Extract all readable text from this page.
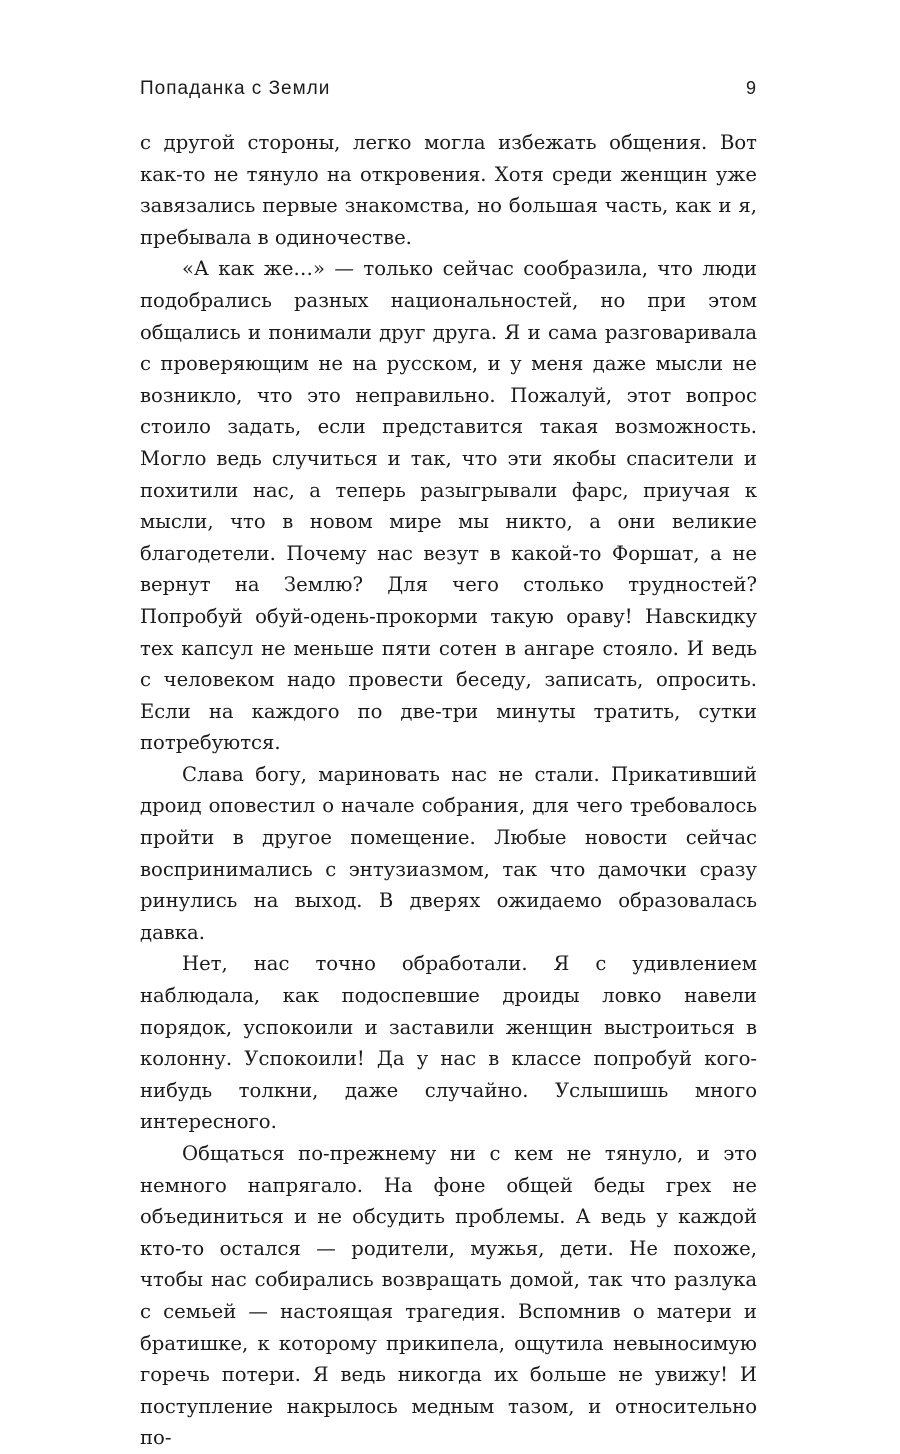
Попаданка с Земли	9

с другой стороны, легко могла избежать общения. Вот как-то не тянуло на откровения. Хотя среди женщин уже завязались первые знакомства, но большая часть, как и я, пребывала в одиночестве.

«А как же…» — только сейчас сообразила, что люди подобрались разных национальностей, но при этом общались и понимали друг друга. Я и сама разговаривала с проверяющим не на русском, и у меня даже мысли не возникло, что это неправильно. Пожалуй, этот вопрос стоило задать, если представится такая возможность. Могло ведь случиться и так, что эти якобы спасители и похитили нас, а теперь разыгрывали фарс, приучая к мысли, что в новом мире мы никто, а они великие благодетели. Почему нас везут в какой-то Форшат, а не вернут на Землю? Для чего столько трудностей? Попробуй обуй-одень-прокорми такую ораву! Навскидку тех капсул не меньше пяти сотен в ангаре стояло. И ведь с человеком надо провести беседу, записать, опросить. Если на каждого по две-три минуты тратить, сутки потребуются.

Слава богу, мариновать нас не стали. Прикативший дроид оповестил о начале собрания, для чего требовалось пройти в другое помещение. Любые новости сейчас воспринимались с энтузиазмом, так что дамочки сразу ринулись на выход. В дверях ожидаемо образовалась давка.

Нет, нас точно обработали. Я с удивлением наблюдала, как подоспевшие дроиды ловко навели порядок, успокоили и заставили женщин выстроиться в колонну. Успокоили! Да у нас в классе попробуй кого-нибудь толкни, даже случайно. Услышишь много интересного.

Общаться по-прежнему ни с кем не тянуло, и это немного напрягало. На фоне общей беды грех не объединиться и не обсудить проблемы. А ведь у каждой кто-то остался — родители, мужья, дети. Не похоже, чтобы нас собирались возвращать домой, так что разлука с семьей — настоящая трагедия. Вспомнив о матери и братишке, к которому прикипела, ощутила невыносимую горечь потери. Я ведь никогда их больше не увижу! И поступление накрылось медным тазом, и относительно по-
